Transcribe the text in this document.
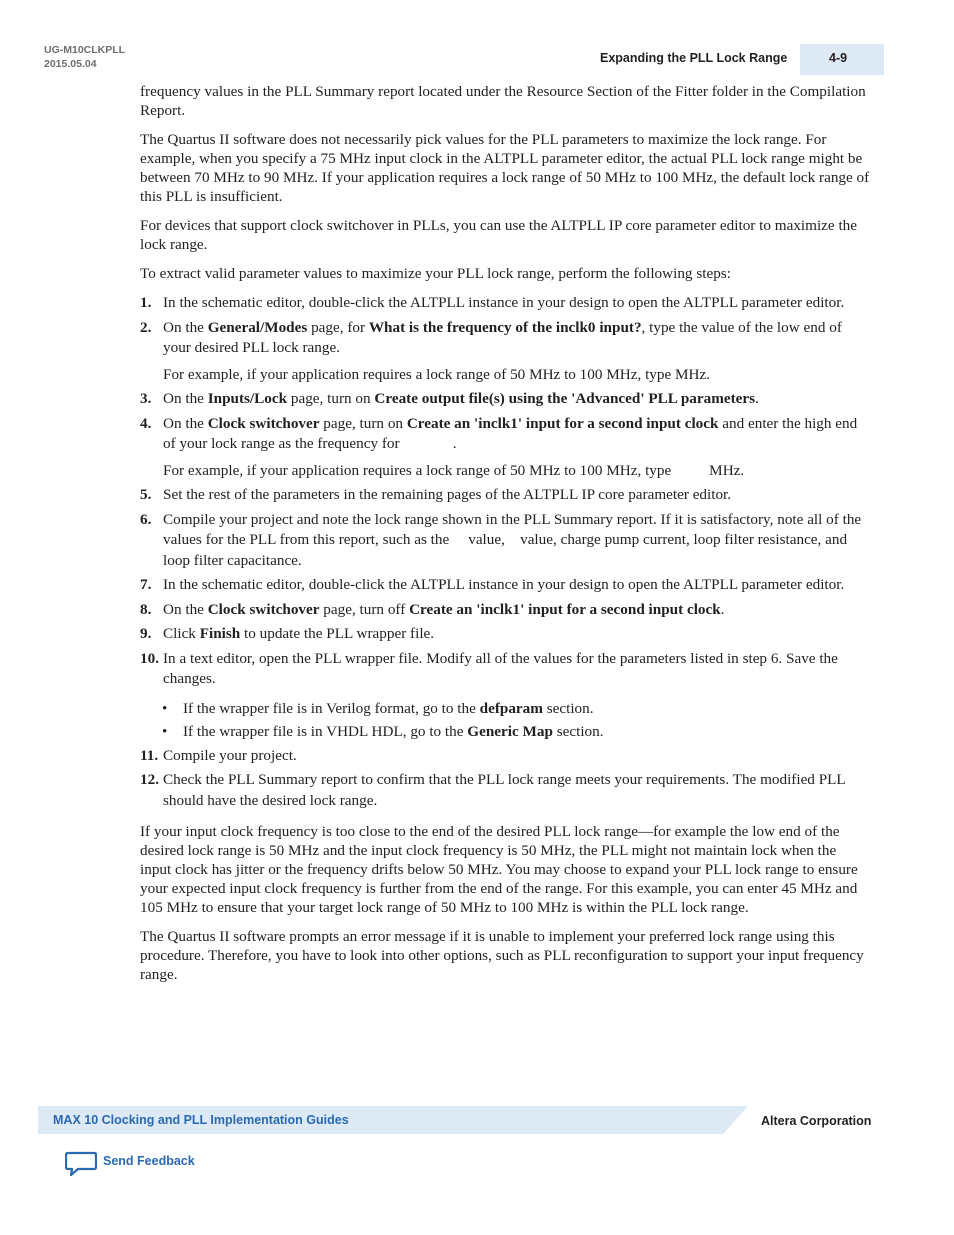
UG-M10CLKPLL
2015.05.04	Expanding the PLL Lock Range	4-9

frequency values in the PLL Summary report located under the Resource Section of the Fitter folder in the Compilation Report.

The Quartus II software does not necessarily pick values for the PLL parameters to maximize the lock range. For example, when you specify a 75 MHz input clock in the ALTPLL parameter editor, the actual PLL lock range might be between 70 MHz to 90 MHz. If your application requires a lock range of 50 MHz to 100 MHz, the default lock range of this PLL is insufficient.

For devices that support clock switchover in PLLs, you can use the ALTPLL IP core parameter editor to maximize the lock range.

To extract valid parameter values to maximize your PLL lock range, perform the following steps:

1. In the schematic editor, double-click the ALTPLL instance in your design to open the ALTPLL parameter editor.
2. On the General/Modes page, for What is the frequency of the inclk0 input?, type the value of the low end of your desired PLL lock range.
For example, if your application requires a lock range of 50 MHz to 100 MHz, type MHz.
3. On the Inputs/Lock page, turn on Create output file(s) using the 'Advanced' PLL parameters.
4. On the Clock switchover page, turn on Create an 'inclk1' input for a second input clock and enter the high end of your lock range as the frequency for              .
For example, if your application requires a lock range of 50 MHz to 100 MHz, type          MHz.
5. Set the rest of the parameters in the remaining pages of the ALTPLL IP core parameter editor.
6. Compile your project and note the lock range shown in the PLL Summary report. If it is satisfactory, note all of the values for the PLL from this report, such as the     value,    value, charge pump current, loop filter resistance, and loop filter capacitance.
7. In the schematic editor, double-click the ALTPLL instance in your design to open the ALTPLL parameter editor.
8. On the Clock switchover page, turn off Create an 'inclk1' input for a second input clock.
9. Click Finish to update the PLL wrapper file.
10. In a text editor, open the PLL wrapper file. Modify all of the values for the parameters listed in step 6. Save the changes.
• If the wrapper file is in Verilog format, go to the defparam section.
• If the wrapper file is in VHDL HDL, go to the Generic Map section.
11. Compile your project.
12. Check the PLL Summary report to confirm that the PLL lock range meets your requirements. The modified PLL should have the desired lock range.

If your input clock frequency is too close to the end of the desired PLL lock range—for example the low end of the desired lock range is 50 MHz and the input clock frequency is 50 MHz, the PLL might not maintain lock when the input clock has jitter or the frequency drifts below 50 MHz. You may choose to expand your PLL lock range to ensure your expected input clock frequency is further from the end of the range. For this example, you can enter 45 MHz and 105 MHz to ensure that your target lock range of 50 MHz to 100 MHz is within the PLL lock range.

The Quartus II software prompts an error message if it is unable to implement your preferred lock range using this procedure. Therefore, you have to look into other options, such as PLL reconfiguration to support your input frequency range.

MAX 10 Clocking and PLL Implementation Guides	Altera Corporation
Send Feedback
